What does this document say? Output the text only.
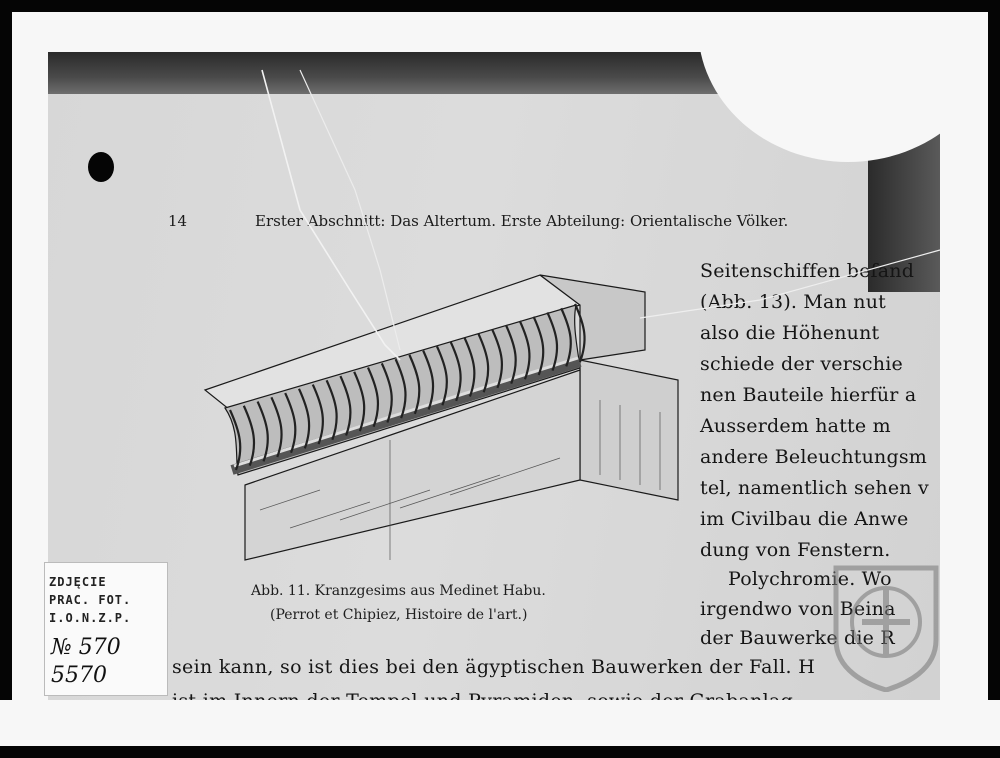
14	Erster Abschnitt: Das Altertum. Erste Abteilung: Orientalische Völker.
Abb. 11. Kranzgesims aus Medinet Habu.
(Perrot et Chipiez, Histoire de l'art.)
Seitenschiffen befand
(Abb. 13). Man nut
also die Höhenunt
schiede der verschie
nen Bauteile hierfür a
Ausserdem hatte m
andere Beleuchtungsm
tel, namentlich sehen v
im Civilbau die Anwe
dung von Fenstern.
Polychromie. Wo
irgendwo von Beina
der Bauwerke die R
sein kann, so ist dies bei den ägyptischen Bauwerken der Fall. H
ZDJĘCIE
PRAC. FOT.
I.O.N.Z.P.
№ 570
5570
